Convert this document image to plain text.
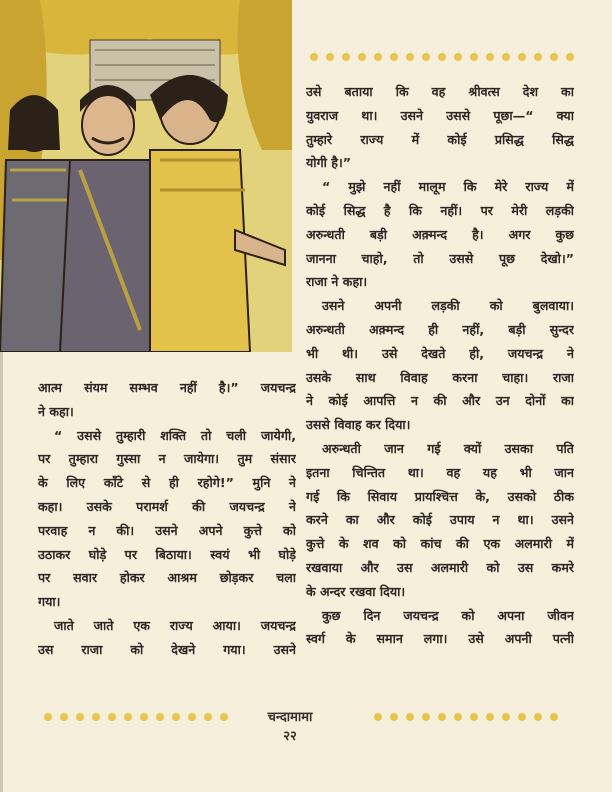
उसे बताया कि वह श्रीवत्स देश का

युवराज था। उसने उससे पूछा—“ क्या

तुम्हारे राज्य में कोई प्रसिद्ध सिद्ध

योगी है।”

“ मुझे नहीं मालूम कि मेरे राज्य में

कोई सिद्ध है कि नहीं। पर मेरी लड़की

अरुन्धती बड़ी अक़्मन्द है। अगर कुछ

जानना चाहो, तो उससे पूछ देखो।”

राजा ने कहा।

उसने अपनी लड़की को बुलवाया।

अरुन्धती अक़्मन्द ही नहीं, बड़ी सुन्दर

भी थी। उसे देखते ही, जयचन्द्र ने

उसके साथ विवाह करना चाहा। राजा

ने कोई आपत्ति न की और उन दोनों का

उससे विवाह कर दिया।

अरुन्धती जान गई क्यों उसका पति

इतना चिन्तित था। वह यह भी जान

गई कि सिवाय प्रायश्चित्त के, उसको ठीक

करने का और कोई उपाय न था। उसने

कुत्ते के शव को कांच की एक अलमारी में

रखवाया और उस अलमारी को उस कमरे

के अन्दर रखवा दिया।

कुछ दिन जयचन्द्र को अपना जीवन

स्वर्ग के समान लगा। उसे अपनी पत्नी

आत्म संयम सम्भव नहीं है।” जयचन्द्र

ने कहा।

“ उससे तुम्हारी शक्ति तो चली जायेगी,

पर तुम्हारा गुस्सा न जायेगा। तुम संसार

के लिए काँटे से ही रहोगे!” मुनि ने

कहा। उसके परामर्श की जयचन्द्र ने

परवाह न की। उसने अपने कुत्ते को

उठाकर घोड़े पर बिठाया। स्वयं भी घोड़े

पर सवार होकर आश्रम छोड़कर चला

गया।

जाते जाते एक राज्य आया। जयचन्द्र

उस राजा को देखने गया। उसने

चन्दामामा
२२
